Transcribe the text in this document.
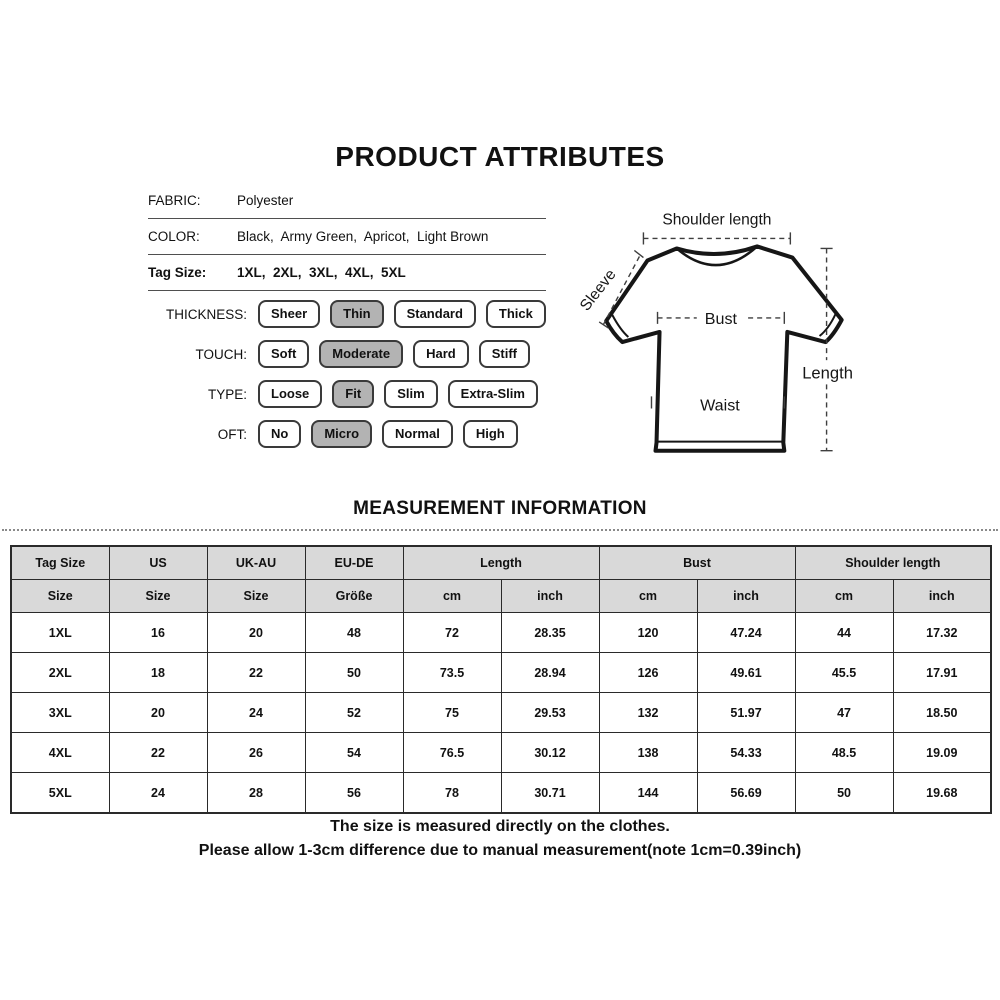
PRODUCT ATTRIBUTES
FABRIC:	Polyester
COLOR:	Black,  Army Green,  Apricot,  Light Brown
Tag Size:	1XL,  2XL,  3XL,  4XL,  5XL
THICKNESS:	Sheer	Thin	Standard	Thick
TOUCH:	Soft	Moderate	Hard	Stiff
TYPE:	Loose	Fit	Slim	Extra-Slim
OFT:	No	Micro	Normal	High
Shoulder length
Sleeve
Bust
Waist
Length
MEASUREMENT INFORMATION
Tag Size	US	UK-AU	EU-DE	Length		Bust		Shoulder length	
Size	Size	Size	Größe	cm	inch	cm	inch	cm	inch
1XL	16	20	48	72	28.35	120	47.24	44	17.32
2XL	18	22	50	73.5	28.94	126	49.61	45.5	17.91
3XL	20	24	52	75	29.53	132	51.97	47	18.50
4XL	22	26	54	76.5	30.12	138	54.33	48.5	19.09
5XL	24	28	56	78	30.71	144	56.69	50	19.68
The size is measured directly on the clothes.
Please allow 1-3cm difference due to manual measurement(note 1cm=0.39inch)
